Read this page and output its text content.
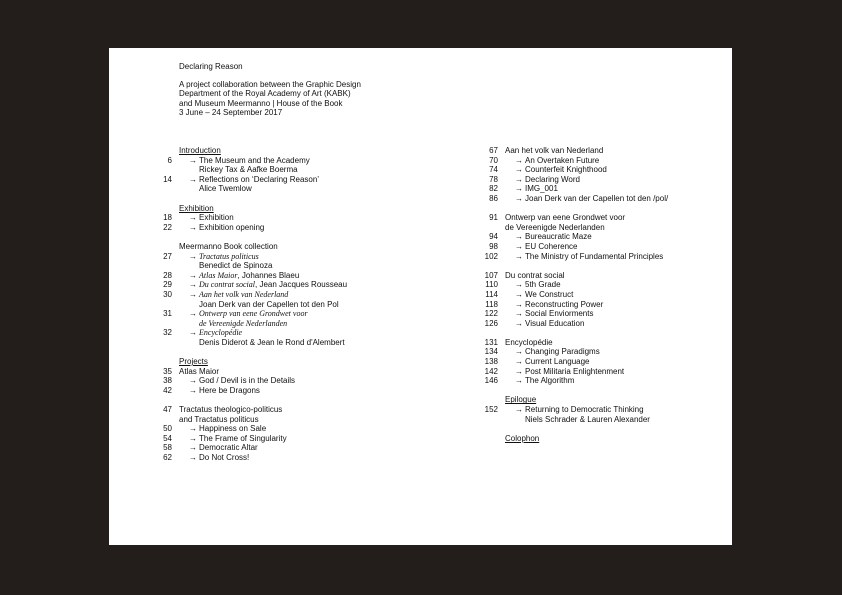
Declaring Reason
A project collaboration between the Graphic Design
Department of the Royal Academy of Art (KABK)
and Museum Meermanno | House of the Book
3 June – 24 September 2017
Introduction
6 → The Museum and the Academy
Rickey Tax & Aafke Boerma
14 → Reflections on ‘Declaring Reason’
Alice Twemlow
Exhibition
18 → Exhibition
22 → Exhibition opening
Meermanno Book collection
27 → Tractatus politicus
Benedict de Spinoza
28 → Atlas Maior, Johannes Blaeu
29 → Du contrat social, Jean Jacques Rousseau
30 → Aan het volk van Nederland
Joan Derk van der Capellen tot den Pol
31 → Ontwerp van eene Grondwet voor
de Vereenigde Nederlanden
32 → Encyclopédie
Denis Diderot & Jean le Rond d'Alembert
Projects
35 Atlas Maior
38 → God / Devil is in the Details
42 → Here be Dragons
47 Tractatus theologico-politicus
and Tractatus politicus
50 → Happiness on Sale
54 → The Frame of Singularity
58 → Democratic Altar
62 → Do Not Cross!
67 Aan het volk van Nederland
70 → An Overtaken Future
74 → Counterfeit Knighthood
78 → Declaring Word
82 → IMG_001
86 → Joan Derk van der Capellen tot den /pol/
91 Ontwerp van eene Grondwet voor
de Vereenigde Nederlanden
94 → Bureaucratic Maze
98 → EU Coherence
102 → The Ministry of Fundamental Principles
107 Du contrat social
110 → 5th Grade
114 → We Construct
118 → Reconstructing Power
122 → Social Enviorments
126 → Visual Education
131 Encyclopédie
134 → Changing Paradigms
138 → Current Language
142 → Post Militaria Enlightenment
146 → The Algorithm
Epilogue
152 → Returning to Democratic Thinking
Niels Schrader & Lauren Alexander
Colophon
